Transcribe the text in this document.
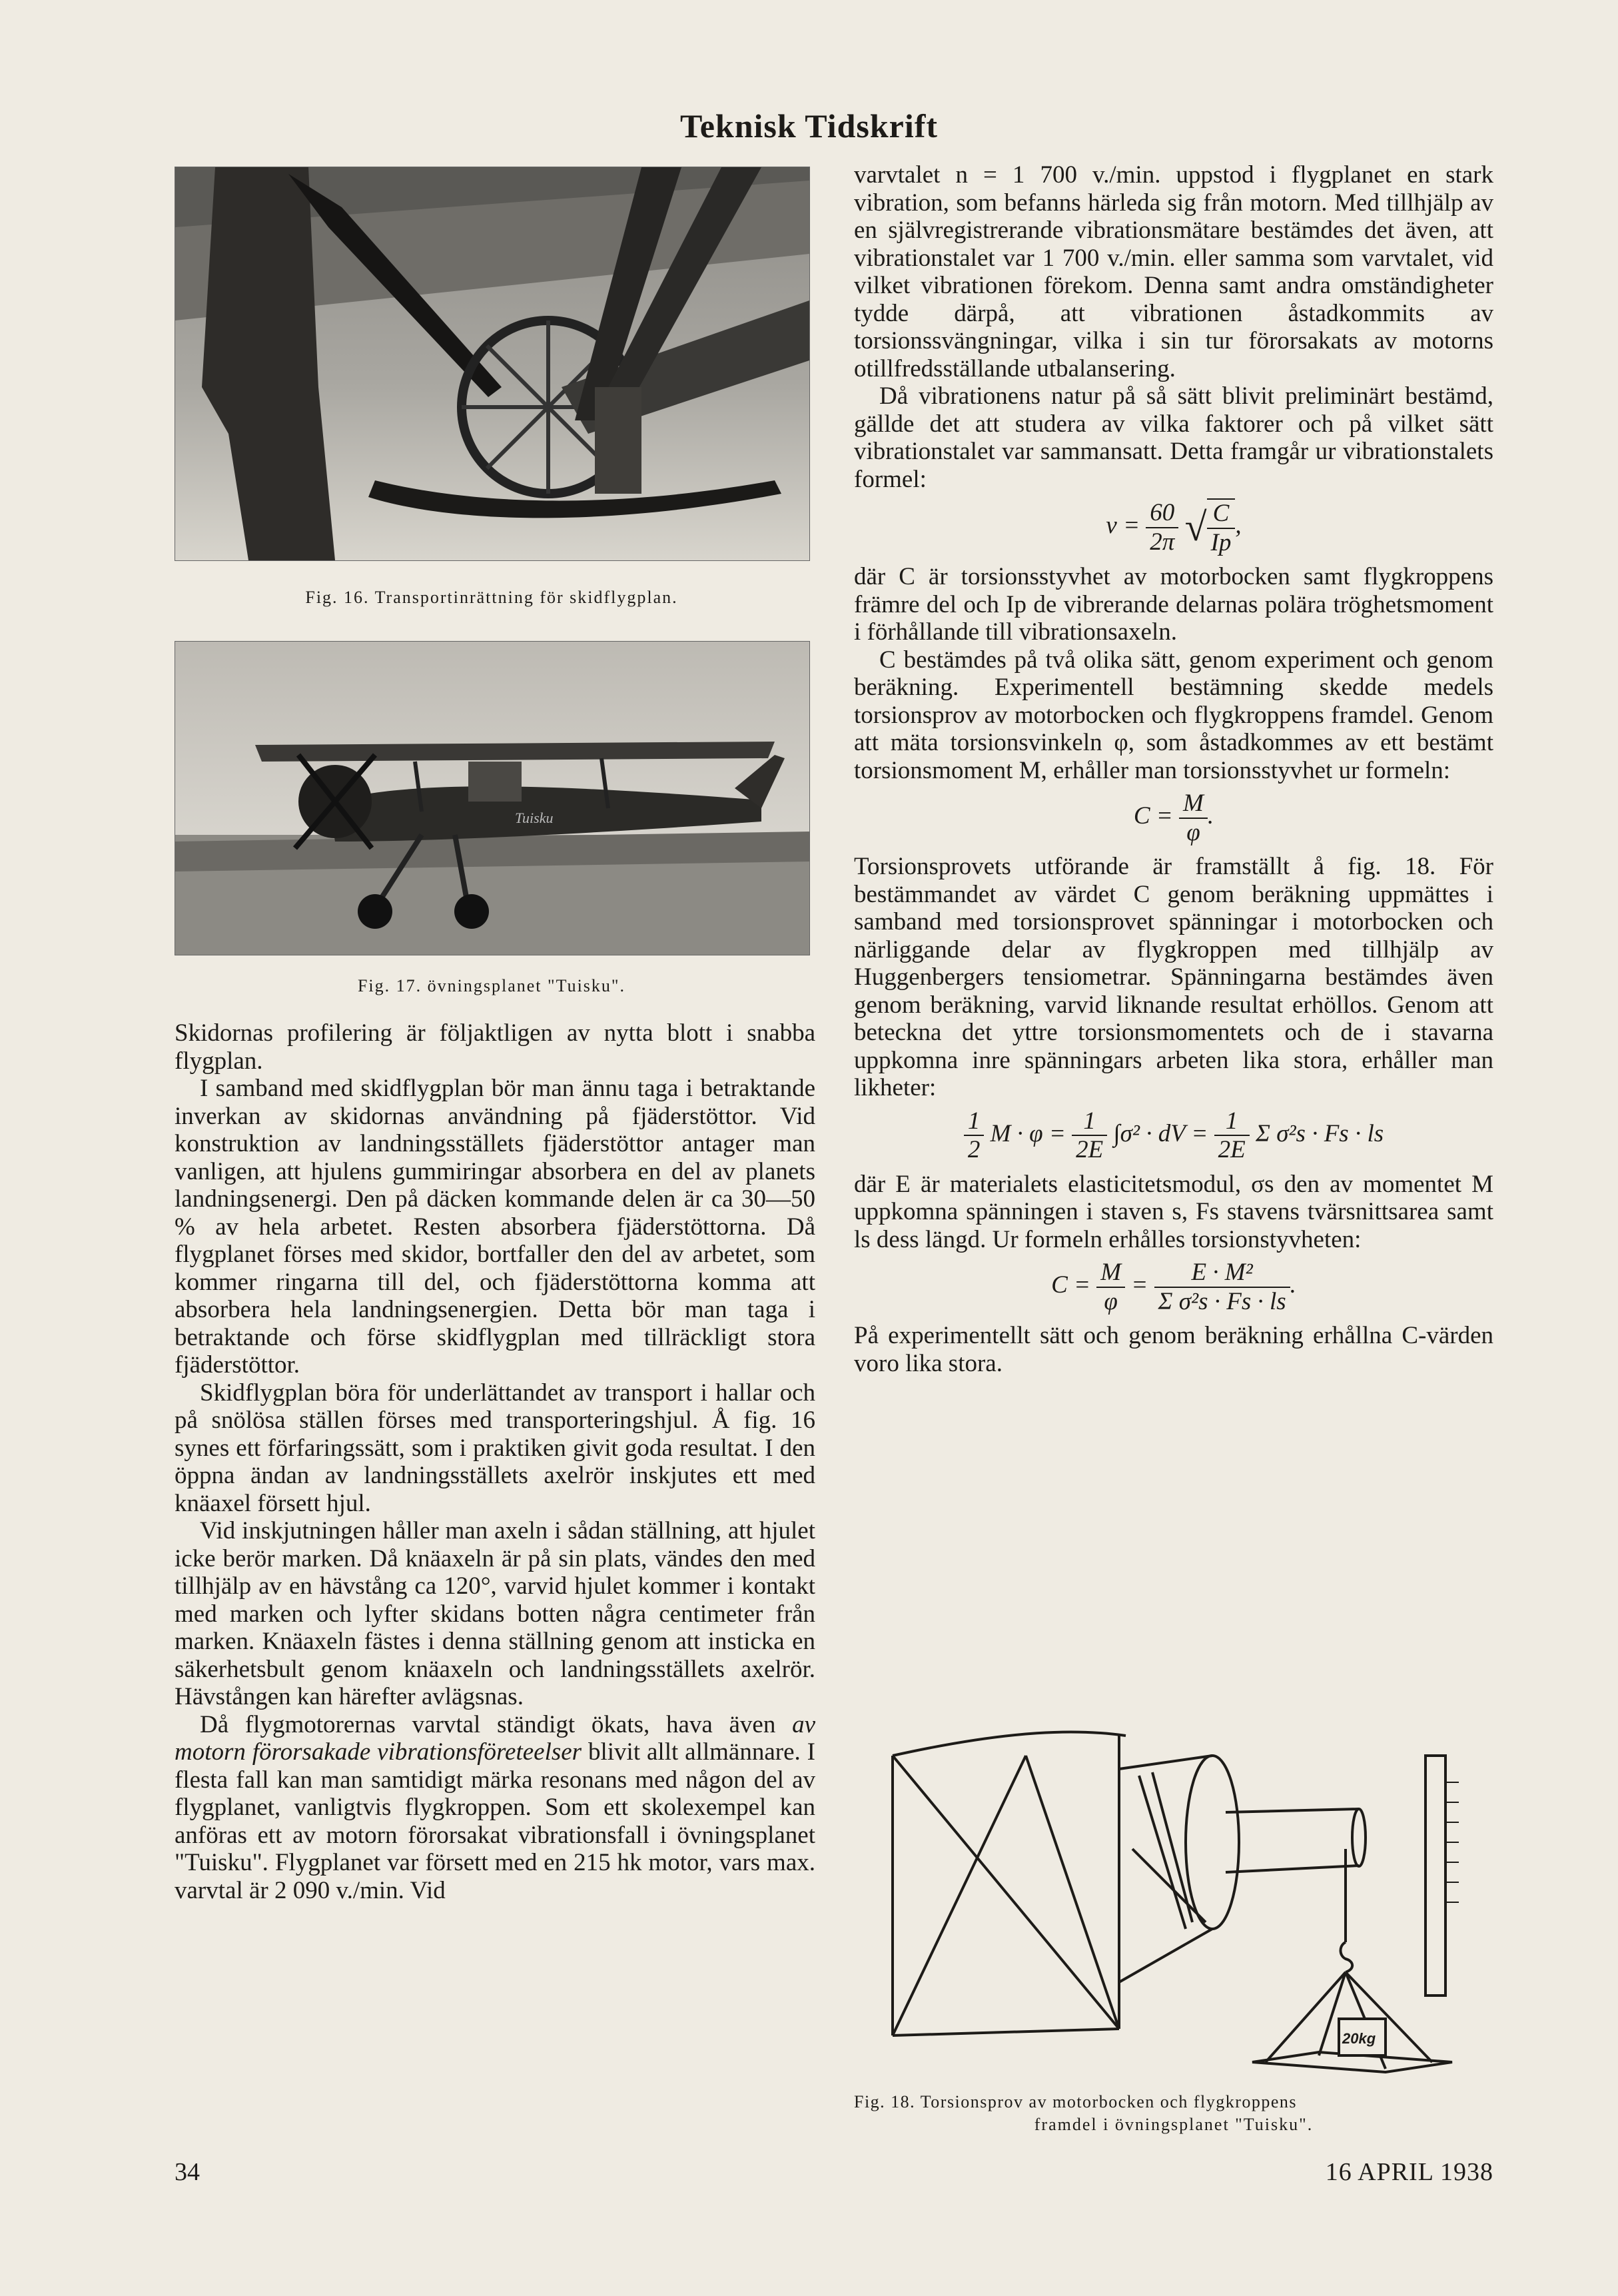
Teknisk Tidskrift
Fig. 16. Transportinrättning för skidflygplan.
Tuisku
Fig. 17. övningsplanet "Tuisku".

Skidornas profilering är följaktligen av nytta blott i snabba flygplan.

I samband med skidflygplan bör man ännu taga i betraktande inverkan av skidornas användning på fjäderstöttor. Vid konstruktion av landningsställets fjäderstöttor antager man vanligen, att hjulens gummiringar absorbera en del av planets landningsenergi. Den på däcken kommande delen är ca 30—50 % av hela arbetet. Resten absorbera fjäderstöttorna. Då flygplanet förses med skidor, bortfaller den del av arbetet, som kommer ringarna till del, och fjäderstöttorna komma att absorbera hela landningsenergien. Detta bör man taga i betraktande och förse skidflygplan med tillräckligt stora fjäderstöttor.

Skidflygplan böra för underlättandet av transport i hallar och på snölösa ställen förses med transporteringshjul. Å fig. 16 synes ett förfaringssätt, som i praktiken givit goda resultat. I den öppna ändan av landningsställets axelrör inskjutes ett med knäaxel försett hjul.

Vid inskjutningen håller man axeln i sådan ställning, att hjulet icke berör marken. Då knäaxeln är på sin plats, vändes den med tillhjälp av en hävstång ca 120°, varvid hjulet kommer i kontakt med marken och lyfter skidans botten några centimeter från marken. Knäaxeln fästes i denna ställning genom att insticka en säkerhetsbult genom knäaxeln och landningsställets axelrör. Hävstången kan härefter avlägsnas.

Då flygmotorernas varvtal ständigt ökats, hava även av motorn förorsakade vibrationsföreteelser blivit allt allmännare. I flesta fall kan man samtidigt märka resonans med någon del av flygplanet, vanligtvis flygkroppen. Som ett skolexempel kan anföras ett av motorn förorsakat vibrationsfall i övningsplanet "Tuisku". Flygplanet var försett med en 215 hk motor, vars max. varvtal är 2 090 v./min. Vid

varvtalet n = 1 700 v./min. uppstod i flygplanet en stark vibration, som befanns härleda sig från motorn. Med tillhjälp av en självregistrerande vibrationsmätare bestämdes det även, att vibrationstalet var 1 700 v./min. eller samma som varvtalet, vid vilket vibrationen förekom. Denna samt andra omständigheter tydde därpå, att vibrationen åstadkommits av torsionssvängningar, vilka i sin tur förorsakats av motorns otillfredsställande utbalansering.

Då vibrationens natur på så sätt blivit preliminärt bestämd, gällde det att studera av vilka faktorer och på vilket sätt vibrationstalet var sammansatt. Detta framgår ur vibrationstalets formel:

$\nu = \frac{60}{2\pi}$ √ $\frac{C}{Ip}$ ,

där C är torsionsstyvhet av motorbocken samt flygkroppens främre del och Ip de vibrerande delarnas polära tröghetsmoment i förhållande till vibrationsaxeln.

C bestämdes på två olika sätt, genom experiment och genom beräkning. Experimentell bestämning skedde medels torsionsprov av motorbocken och flygkroppens framdel. Genom att mäta torsionsvinkeln φ, som åstadkommes av ett bestämt torsionsmoment M, erhåller man torsionsstyvhet ur formeln:

$C = \frac{M}{\varphi}$ .

Torsionsprovets utförande är framställt å fig. 18. För bestämmandet av värdet C genom beräkning uppmättes i samband med torsionsprovet spänningar i motorbocken och närliggande delar av flygkroppen med tillhjälp av Huggenbergers tensiometrar. Spänningarna bestämdes även genom beräkning, varvid liknande resultat erhöllos. Genom att beteckna det yttre torsionsmomentets och de i stavarna uppkomna inre spänningars arbeten lika stora, erhåller man likheter:

$\frac{1}{2}$ $M \cdot \varphi = \frac{1}{2E} \int\sigma^2$ · dV = $\frac{1}{2E}$ Σ σ²s · Fs · ls

där E är materialets elasticitetsmodul, σs den av momentet M uppkomna spänningen i staven s, Fs stavens tvärsnittsarea samt ls dess längd. Ur formeln erhålles torsionstyvheten:

$C = \frac{M}{\varphi} = \frac{\text{E · M²}}{\text{Σ σ²s · Fs · ls}}$ .

På experimentellt sätt och genom beräkning erhållna C-värden voro lika stora.

20kg
Fig. 18. Torsionsprov av motorbocken och flygkroppens
framdel i övningsplanet "Tuisku".
34	16 APRIL 1938
